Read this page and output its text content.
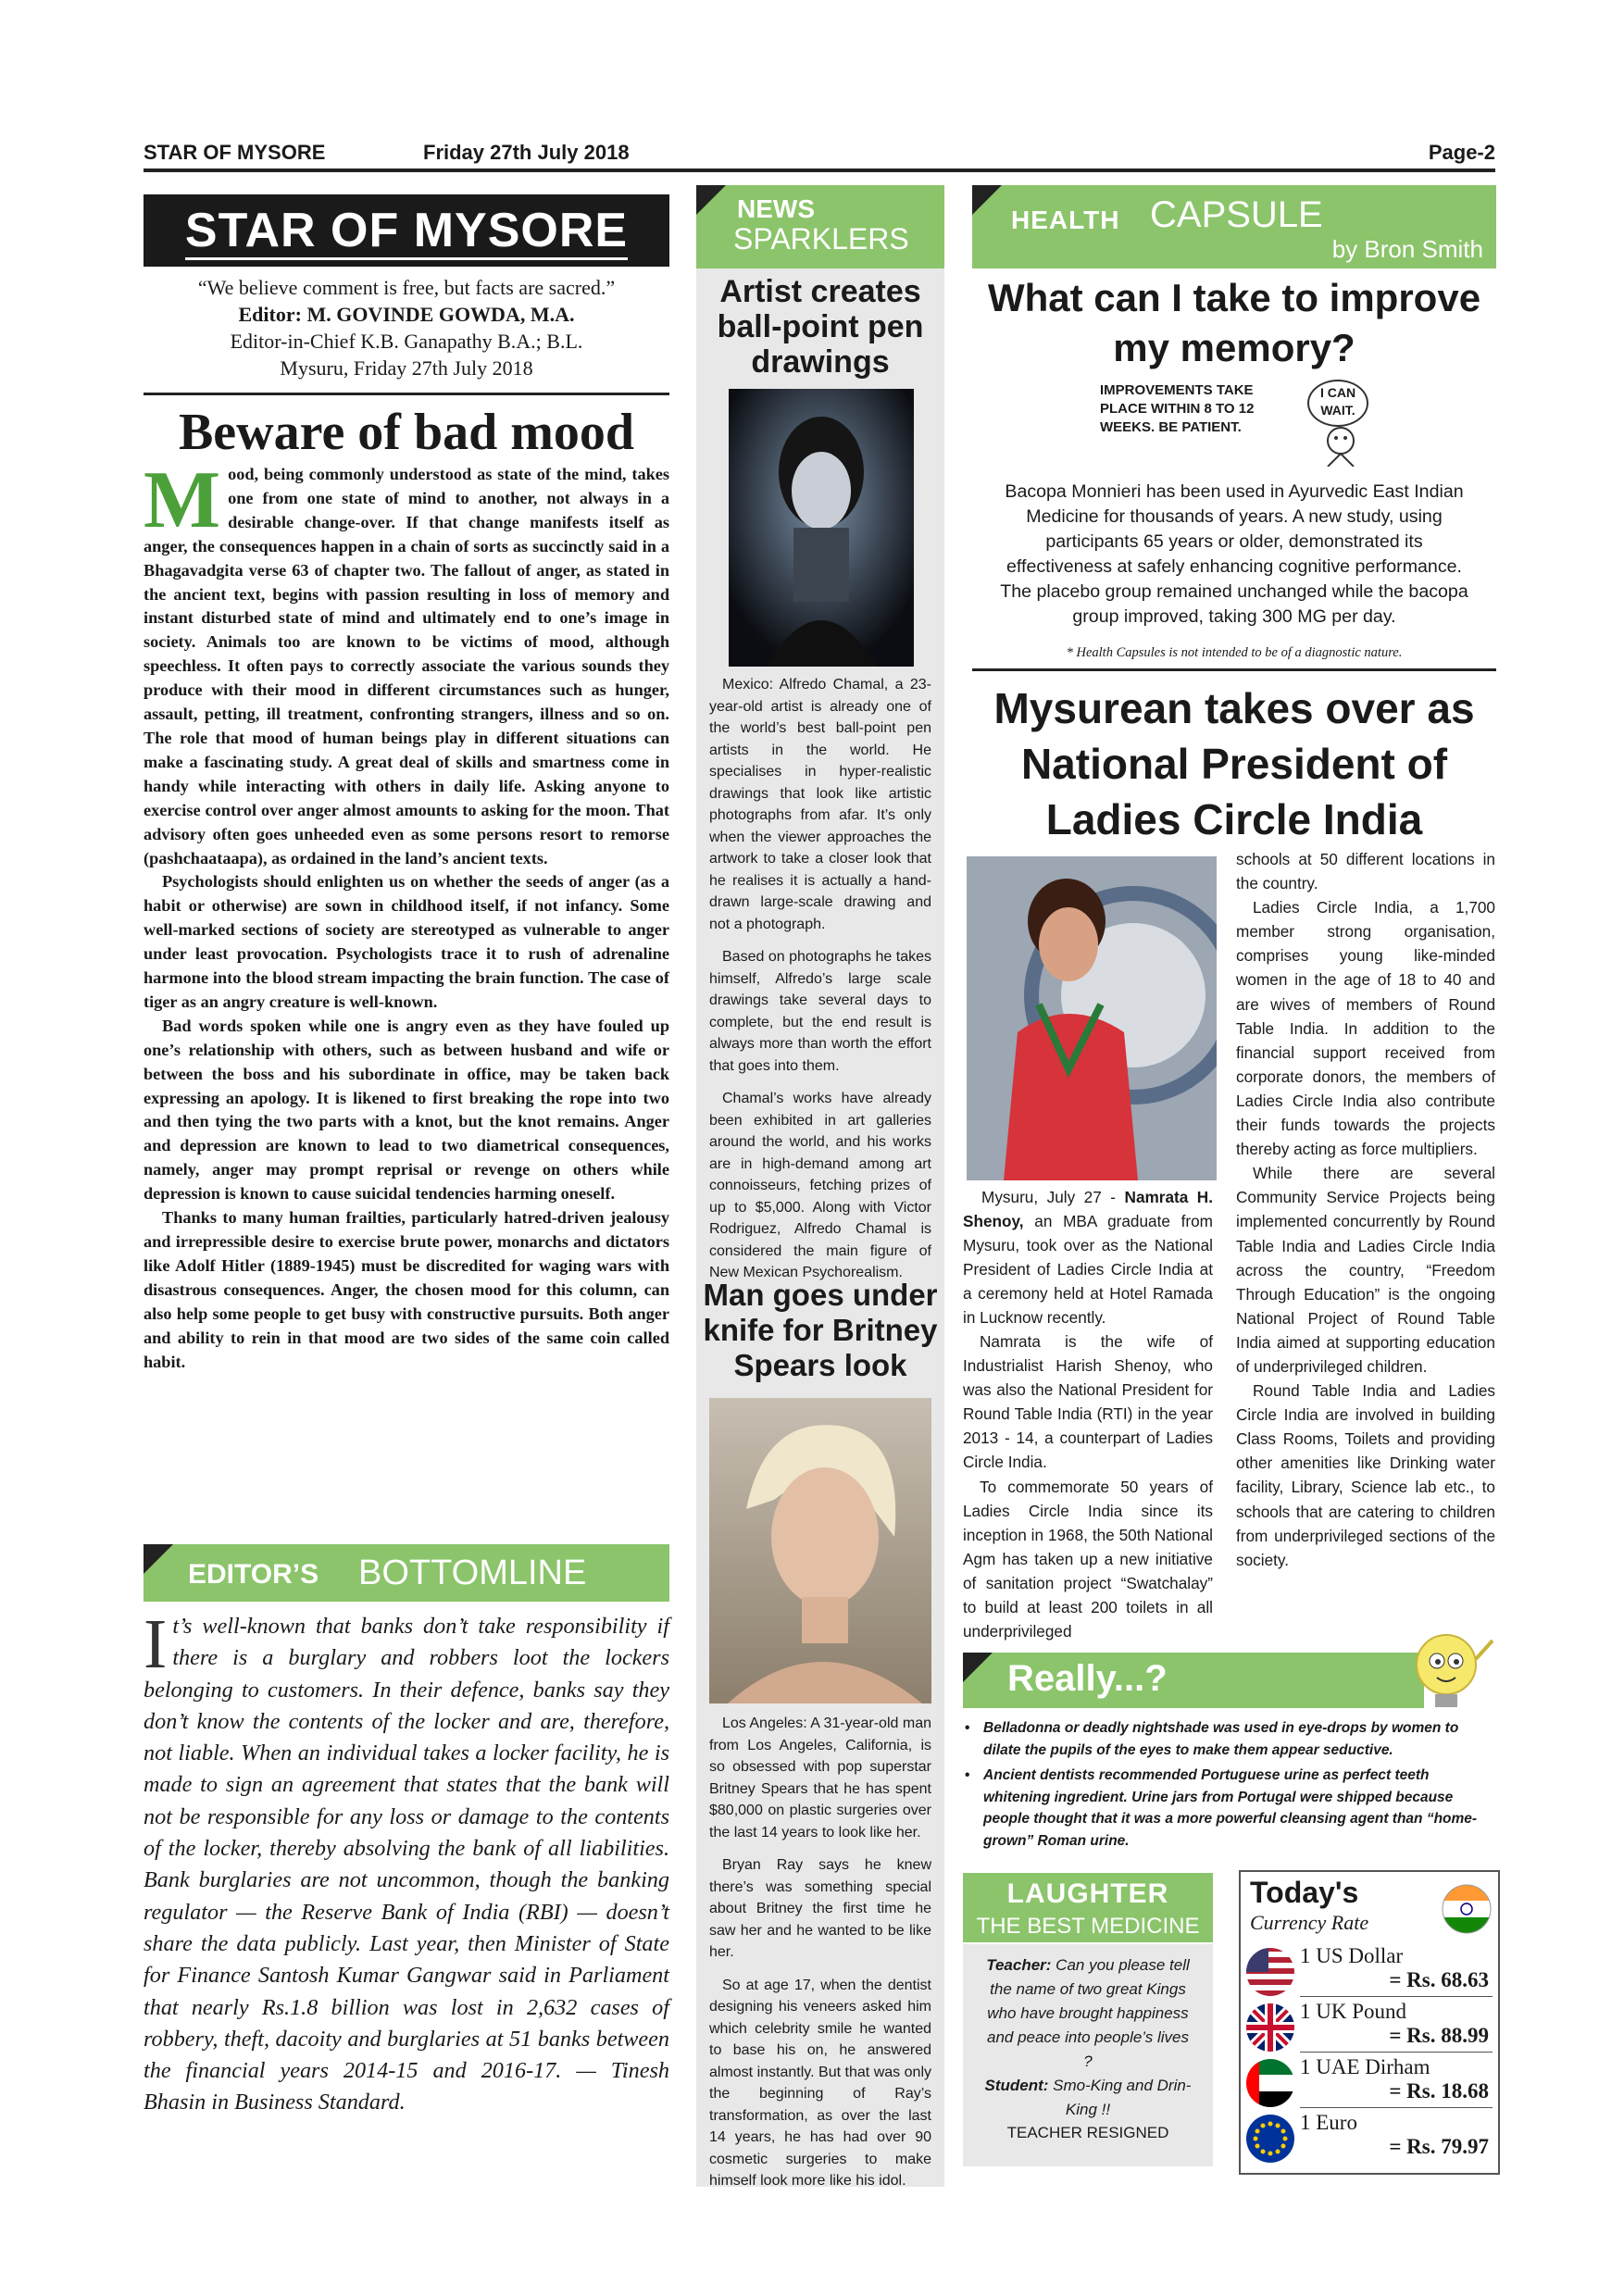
STAR OF MYSORE	Friday 27th July 2018	Page-2
STAR OF MYSORE
“We believe comment is free, but facts are sacred.”
Editor: M. GOVINDE GOWDA, M.A.
Editor-in-Chief K.B. Ganapathy B.A.; B.L.
Mysuru, Friday 27th July 2018
Beware of bad mood

Mood, being commonly understood as state of the mind, takes one from one state of mind to another, not always in a desirable change-over. If that change manifests itself as anger, the consequences happen in a chain of sorts as succinctly said in a Bhagavadgita verse 63 of chapter two. The fallout of anger, as stated in the ancient text, begins with passion resulting in loss of memory and instant disturbed state of mind and ultimately end to one’s image in society. Animals too are known to be victims of mood, although speechless. It often pays to correctly associate the various sounds they produce with their mood in different circumstances such as hunger, assault, petting, ill treatment, confronting strangers, illness and so on. The role that mood of human beings play in different situations can make a fascinating study. A great deal of skills and smartness come in handy while interacting with others in daily life. Asking anyone to exercise control over anger almost amounts to asking for the moon. That advisory often goes unheeded even as some persons resort to remorse (pashchaataapa), as ordained in the land’s ancient texts.

Psychologists should enlighten us on whether the seeds of anger (as a habit or otherwise) are sown in childhood itself, if not infancy. Some well-marked sections of society are stereotyped as vulnerable to anger under least provocation. Psychologists trace it to rush of adrenaline harmone into the blood stream impacting the brain function. The case of tiger as an angry creature is well-known.

Bad words spoken while one is angry even as they have fouled up one’s relationship with others, such as between husband and wife or between the boss and his subordinate in office, may be taken back expressing an apology. It is likened to first breaking the rope into two and then tying the two parts with a knot, but the knot remains. Anger and depression are known to lead to two diametrical consequences, namely, anger may prompt reprisal or revenge on others while depression is known to cause suicidal tendencies harming oneself.

Thanks to many human frailties, particularly hatred-driven jealousy and irrepressible desire to exercise brute power, monarchs and dictators like Adolf Hitler (1889-1945) must be discredited for waging wars with disastrous consequences. Anger, the chosen mood for this column, can also help some people to get busy with constructive pursuits. Both anger and ability to rein in that mood are two sides of the same coin called habit.

EDITOR’S BOTTOMLINE
It’s well-known that banks don’t take responsibility if there is a burglary and robbers loot the lockers belonging to customers. In their defence, banks say they don’t know the contents of the locker and are, therefore, not liable. When an individual takes a locker facility, he is made to sign an agreement that states that the bank will not be responsible for any loss or damage to the contents of the locker, thereby absolving the bank of all liabilities. Bank burglaries are not uncommon, though the banking regulator — the Reserve Bank of India (RBI) — doesn’t share the data publicly. Last year, then Minister of State for Finance Santosh Kumar Gangwar said in Parliament that nearly Rs.1.8 billion was lost in 2,632 cases of robbery, theft, dacoity and burglaries at 51 banks between the financial years 2014-15 and 2016-17. — Tinesh Bhasin in Business Standard.
NEWS
SPARKLERS
Artist creates ball-point pen drawings

Mexico: Alfredo Chamal, a 23-year-old artist is already one of the world’s best ball-point pen artists in the world. He specialises in hyper-realistic drawings that look like artistic photographs from afar. It’s only when the viewer approaches the artwork to take a closer look that he realises it is actually a hand-drawn large-scale drawing and not a photograph.

Based on photographs he takes himself, Alfredo’s large scale drawings take several days to complete, but the end result is always more than worth the effort that goes into them.

Chamal’s works have already been exhibited in art galleries around the world, and his works are in high-demand among art connoisseurs, fetching prizes of up to $5,000. Along with Victor Rodriguez, Alfredo Chamal is considered the main figure of New Mexican Psychorealism.

Man goes under knife for Britney Spears look

Los Angeles: A 31-year-old man from Los Angeles, California, is so obsessed with pop superstar Britney Spears that he has spent $80,000 on plastic surgeries over the last 14 years to look like her.

Bryan Ray says he knew there’s was something special about Britney the first time he saw her and he wanted to be like her.

So at age 17, when the dentist designing his veneers asked him which celebrity smile he wanted to base his on, he answered almost instantly. But that was only the beginning of Ray’s transformation, as over the last 14 years, he has had over 90 cosmetic surgeries to make himself look more like his idol.

HEALTH CAPSULE
by Bron Smith
What can I take to improve my memory?
IMPROVEMENTS TAKE PLACE WITHIN 8 TO 12 WEEKS. BE PATIENT.
I CAN WAIT.
Bacopa Monnieri has been used in Ayurvedic East Indian Medicine for thousands of years. A new study, using participants 65 years or older, demonstrated its effectiveness at safely enhancing cognitive performance. The placebo group remained unchanged while the bacopa group improved, taking 300 MG per day.
* Health Capsules is not intended to be of a diagnostic nature.
Mysurean takes over as National President of Ladies Circle India
Mysuru, July 27 - Namrata H. Shenoy, an MBA graduate from Mysuru, took over as the National President of Ladies Circle India at a ceremony held at Hotel Ramada in Lucknow recently.

Namrata is the wife of Industrialist Harish Shenoy, who was also the National President for Round Table India (RTI) in the year 2013 - 14, a counterpart of Ladies Circle India.

To commemorate 50 years of Ladies Circle India since its inception in 1968, the 50th National Agm has taken up a new initiative of sanitation project “Swatchalay” to build at least 200 toilets in all underprivileged

schools at 50 different locations in the country.

Ladies Circle India, a 1,700 member strong organisation, comprises young like-minded women in the age of 18 to 40 and are wives of members of Round Table India. In addition to the financial support received from corporate donors, the members of Ladies Circle India also contribute their funds towards the projects thereby acting as force multipliers.

While there are several Community Service Projects being implemented concurrently by Round Table India and Ladies Circle India across the country, “Freedom Through Education” is the ongoing National Project of Round Table India aimed at supporting education of underprivileged children.

Round Table India and Ladies Circle India are involved in building Class Rooms, Toilets and providing other amenities like Drinking water facility, Library, Science lab etc., to schools that are catering to children from underprivileged sections of the society.

Really...?
• Belladonna or deadly nightshade was used in eye-drops by women to dilate the pupils of the eyes to make them appear seductive.
• Ancient dentists recommended Portuguese urine as perfect teeth whitening ingredient. Urine jars from Portugal were shipped because people thought that it was a more powerful cleansing agent than “home-grown” Roman urine.
LAUGHTER
THE BEST MEDICINE
Teacher: Can you please tell the name of two great Kings who have brought happiness and peace into people’s lives ?
Student: Smo-King and Drin-King !!
TEACHER RESIGNED
Today's
Currency Rate
1 US Dollar
= Rs. 68.63
1 UK Pound
= Rs. 88.99
1 UAE Dirham
= Rs. 18.68
1 Euro
= Rs. 79.97
